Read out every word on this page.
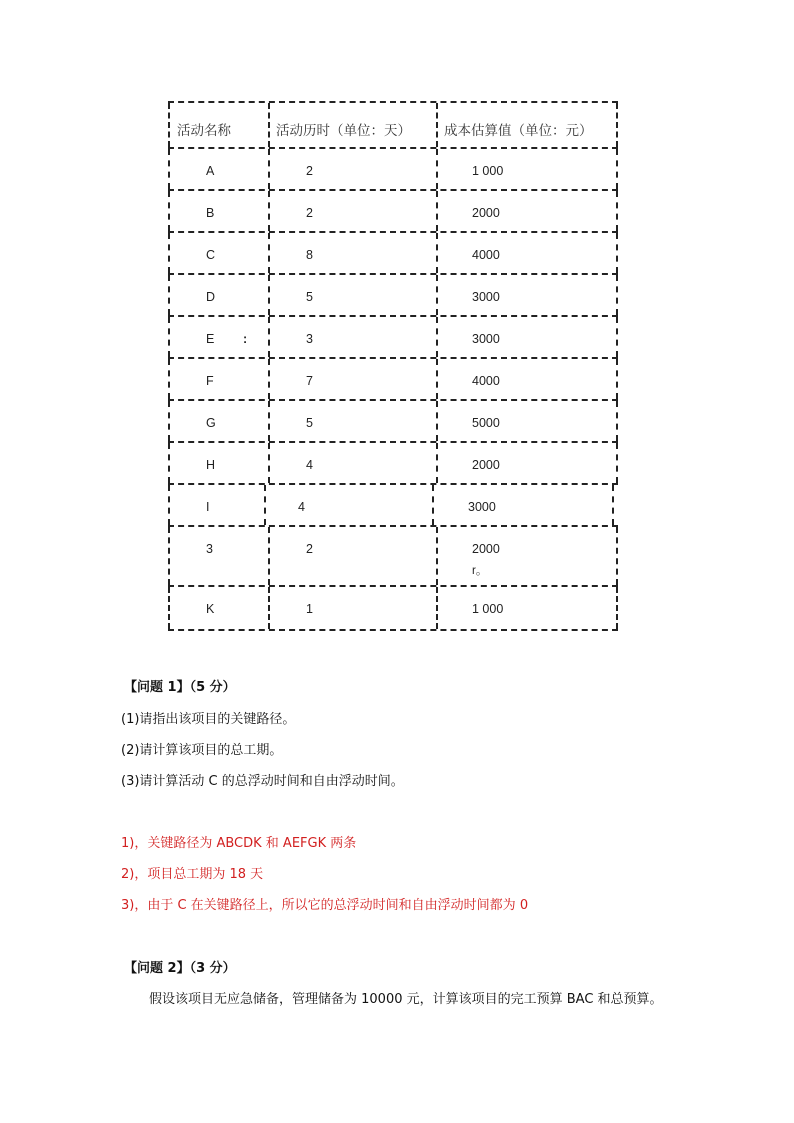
活动名称	活动历时（单位：天） 成本估算值（单位：元）
A	2	1 000
B	2	2000
C	8	4000
D	5	3000
E :	3	3000
F	7	4000
G	5	5000
H	4	2000
I	4	3000
3	2	2000
r。
K	1	1 000
【问题 1】（5 分）
(1)请指出该项目的关键路径。
(2)请计算该项目的总工期。
(3)请计算活动 C 的总浮动时间和自由浮动时间。
1)，关键路径为 ABCDK 和 AEFGK 两条
2)，项目总工期为 18 天
3)，由于 C 在关键路径上，所以它的总浮动时间和自由浮动时间都为 0
【问题 2】（3 分）
假设该项目无应急储备，管理储备为 10000 元，计算该项目的完工预算 BAC 和总预算。
